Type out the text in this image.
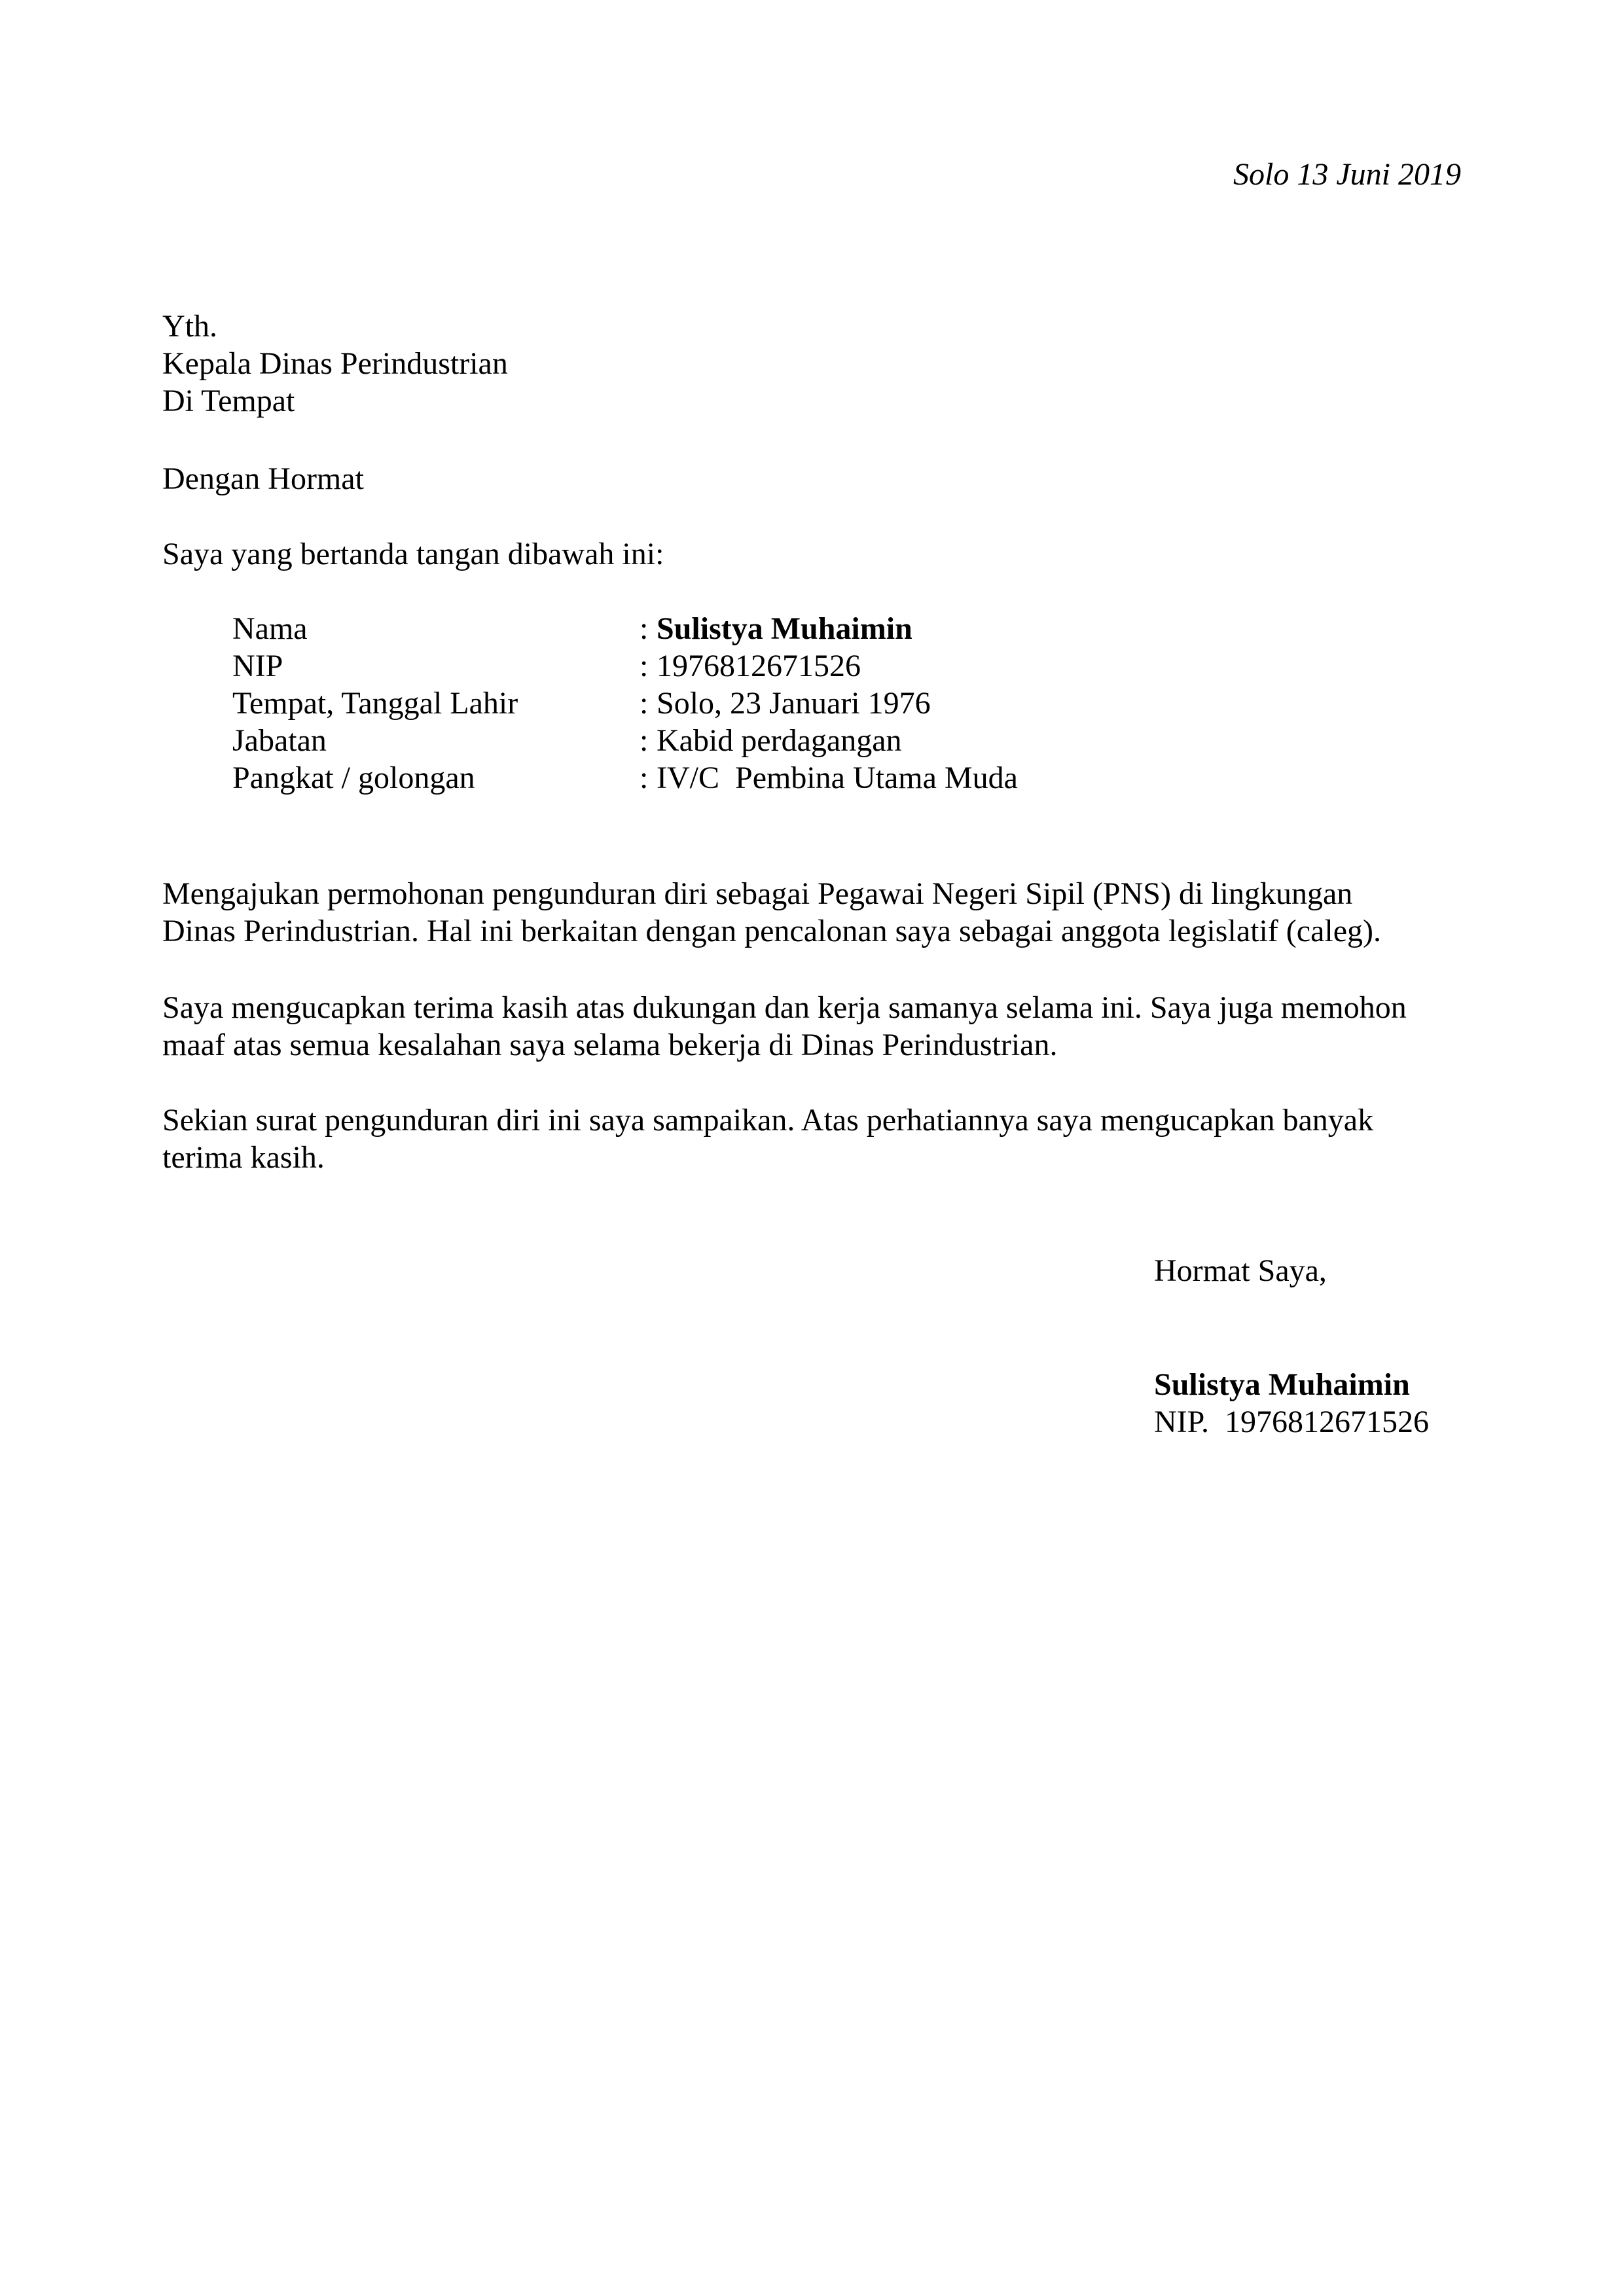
Solo 13 Juni 2019
Yth.
Kepala Dinas Perindustrian
Di Tempat
Dengan Hormat
Saya yang bertanda tangan dibawah ini:
Nama	: Sulistya Muhaimin
NIP	: 1976812671526
Tempat, Tanggal Lahir	: Solo, 23 Januari 1976
Jabatan	: Kabid perdagangan
Pangkat / golongan	: IV/C  Pembina Utama Muda
Mengajukan permohonan pengunduran diri sebagai Pegawai Negeri Sipil (PNS) di lingkungan
Dinas Perindustrian. Hal ini berkaitan dengan pencalonan saya sebagai anggota legislatif (caleg).
Saya mengucapkan terima kasih atas dukungan dan kerja samanya selama ini. Saya juga memohon
maaf atas semua kesalahan saya selama bekerja di Dinas Perindustrian.
Sekian surat pengunduran diri ini saya sampaikan. Atas perhatiannya saya mengucapkan banyak
terima kasih.
Hormat Saya,
Sulistya Muhaimin
NIP.  1976812671526
